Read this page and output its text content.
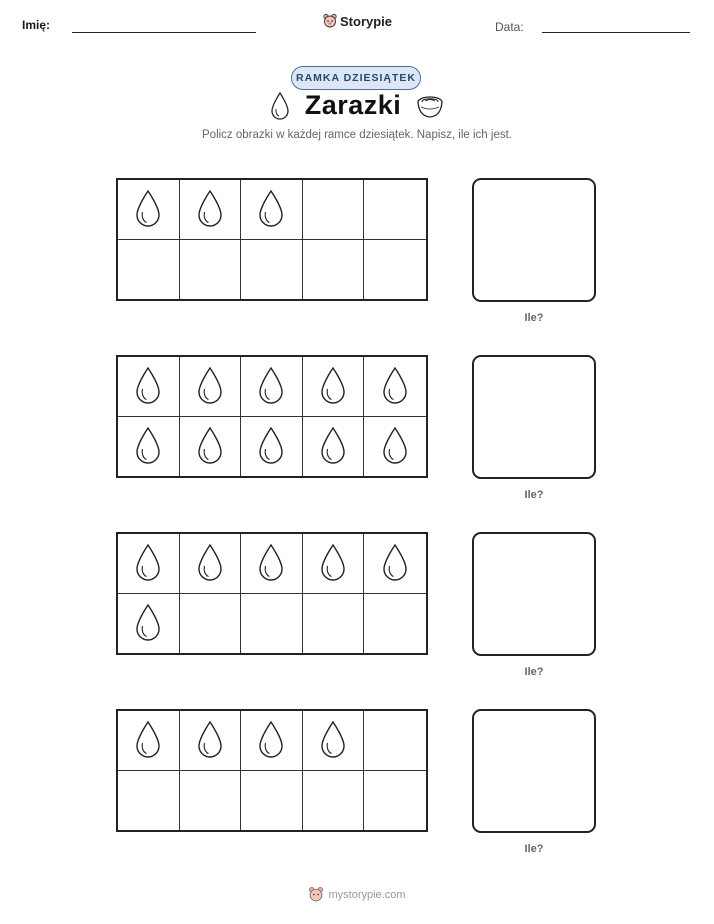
Imię:	Storypie	Data:
RAMKA DZIESIĄTEK
Zarazki
Policz obrazki w każdej ramce dziesiątek. Napisz, ile ich jest.
Ile?
Ile?
Ile?
Ile?
mystorypie.com
